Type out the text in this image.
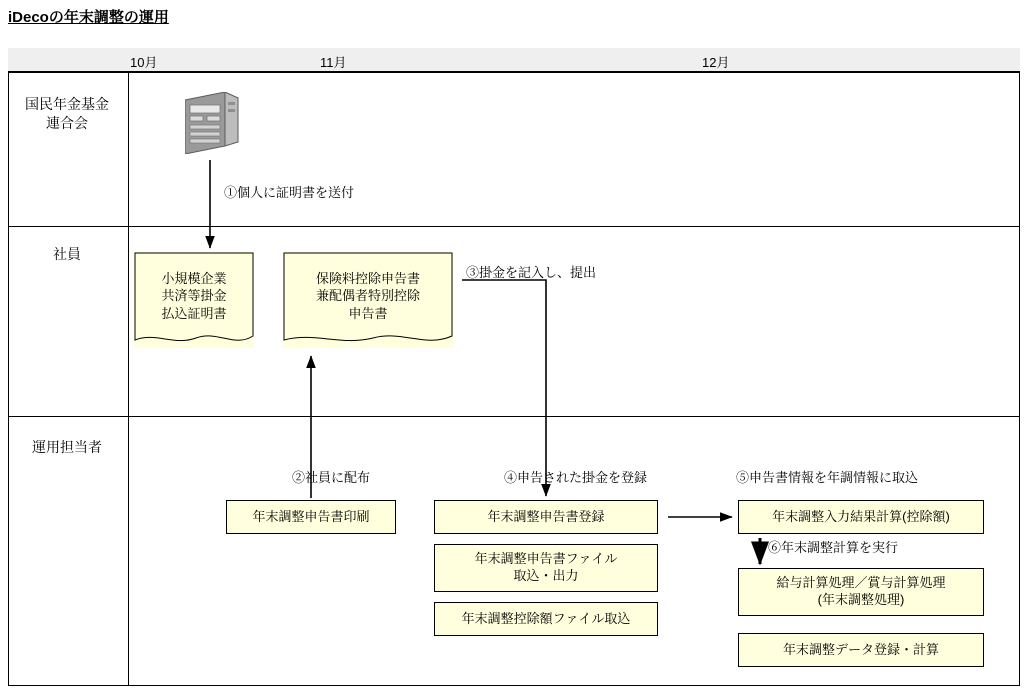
iDecoの年末調整の運用
10月	11月	12月
国民年金基金
連合会
社員
運用担当者
小規模企業
共済等掛金
払込証明書
保険料控除申告書
兼配偶者特別控除
申告書
年末調整申告書印刷	年末調整申告書登録
年末調整申告書ファイル
取込・出力
年末調整控除額ファイル取込
年末調整入力結果計算(控除額)
給与計算処理／賞与計算処理
(年末調整処理)
年末調整データ登録・計算
①個人に証明書を送付
②社員に配布
③掛金を記入し、提出
④申告された掛金を登録	⑤申告書情報を年調情報に取込
⑥年末調整計算を実行
